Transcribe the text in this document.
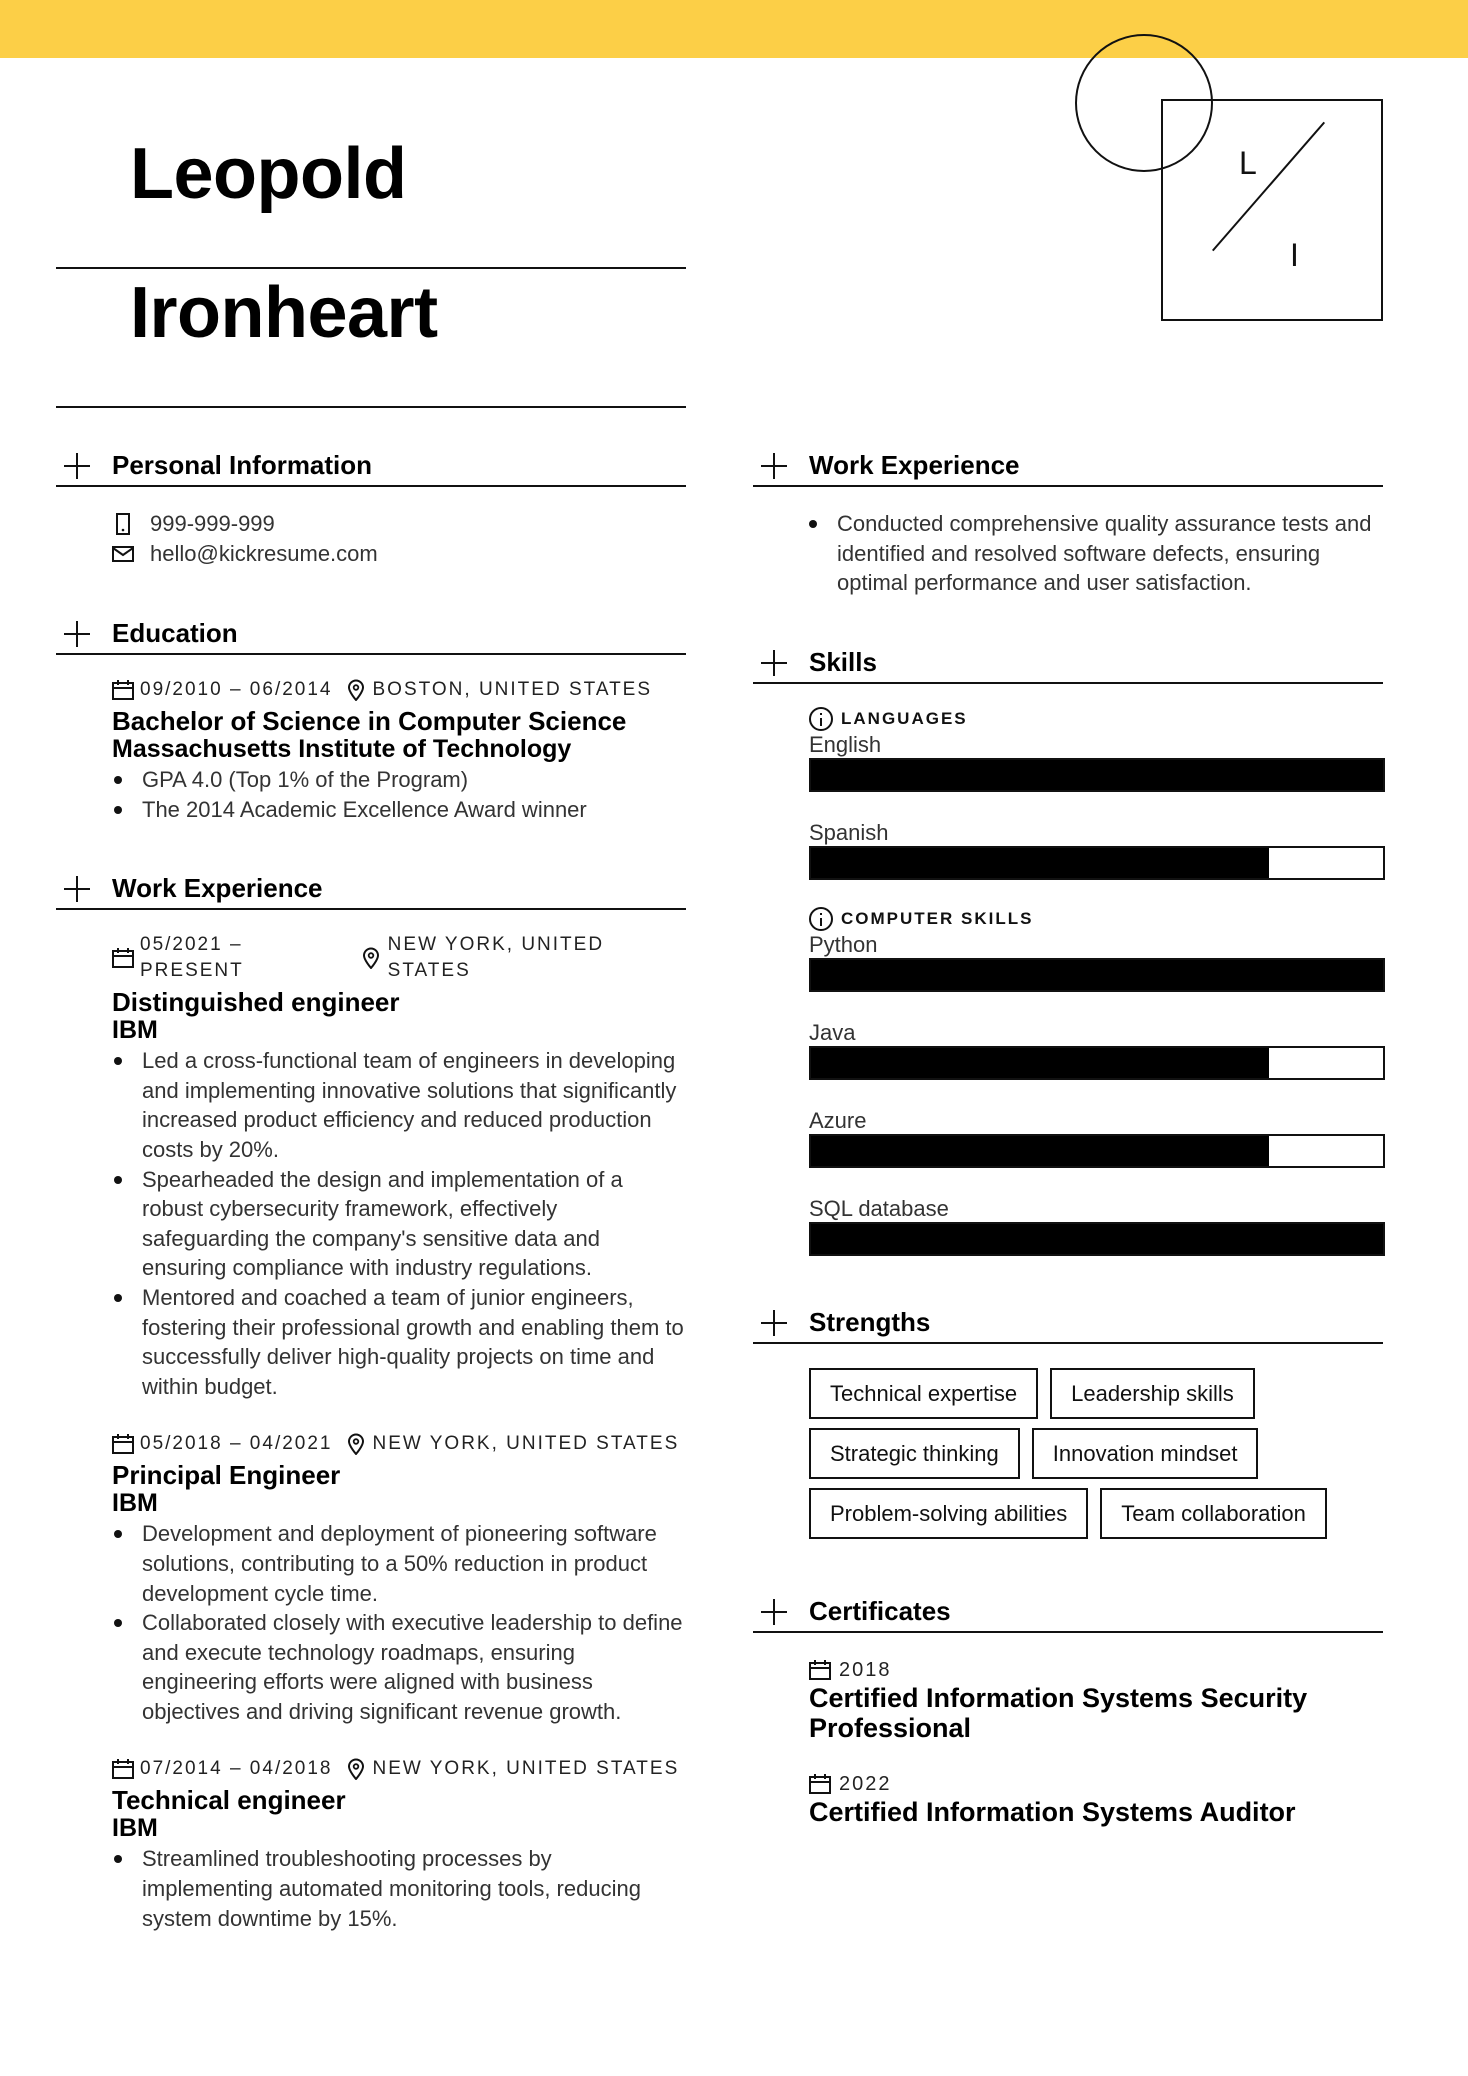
Leopold
Ironheart
L
I
Personal Information
999-999-999
hello@kickresume.com
Education
09/2010 – 06/2014 BOSTON, UNITED STATES
Bachelor of Science in Computer Science
Massachusetts Institute of Technology
GPA 4.0 (Top 1% of the Program)
The 2014 Academic Excellence Award winner
Work Experience
05/2021 – PRESENT
NEW YORK, UNITED STATES
Distinguished engineer
IBM
Led a cross-functional team of engineers in developing and implementing innovative solutions that significantly increased product efficiency and reduced production costs by 20%.
Spearheaded the design and implementation of a robust cybersecurity framework, effectively safeguarding the company's sensitive data and ensuring compliance with industry regulations.
Mentored and coached a team of junior engineers, fostering their professional growth and enabling them to successfully deliver high-quality projects on time and within budget.
05/2018 – 04/2021 NEW YORK, UNITED STATES
Principal Engineer
IBM
Development and deployment of pioneering software solutions, contributing to a 50% reduction in product development cycle time.
Collaborated closely with executive leadership to define and execute technology roadmaps, ensuring engineering efforts were aligned with business objectives and driving significant revenue growth.
07/2014 – 04/2018 NEW YORK, UNITED STATES
Technical engineer
IBM
Streamlined troubleshooting processes by implementing automated monitoring tools, reducing system downtime by 15%.
Work Experience
Conducted comprehensive quality assurance tests and identified and resolved software defects, ensuring optimal performance and user satisfaction.
Skills
LANGUAGES
English
Spanish
COMPUTER SKILLS
Python
Java
Azure
SQL database
Strengths
Technical expertise	Leadership skills
Strategic thinking	Innovation mindset
Problem-solving abilities	Team collaboration
Certificates
2018
Certified Information Systems Security Professional
2022
Certified Information Systems Auditor
